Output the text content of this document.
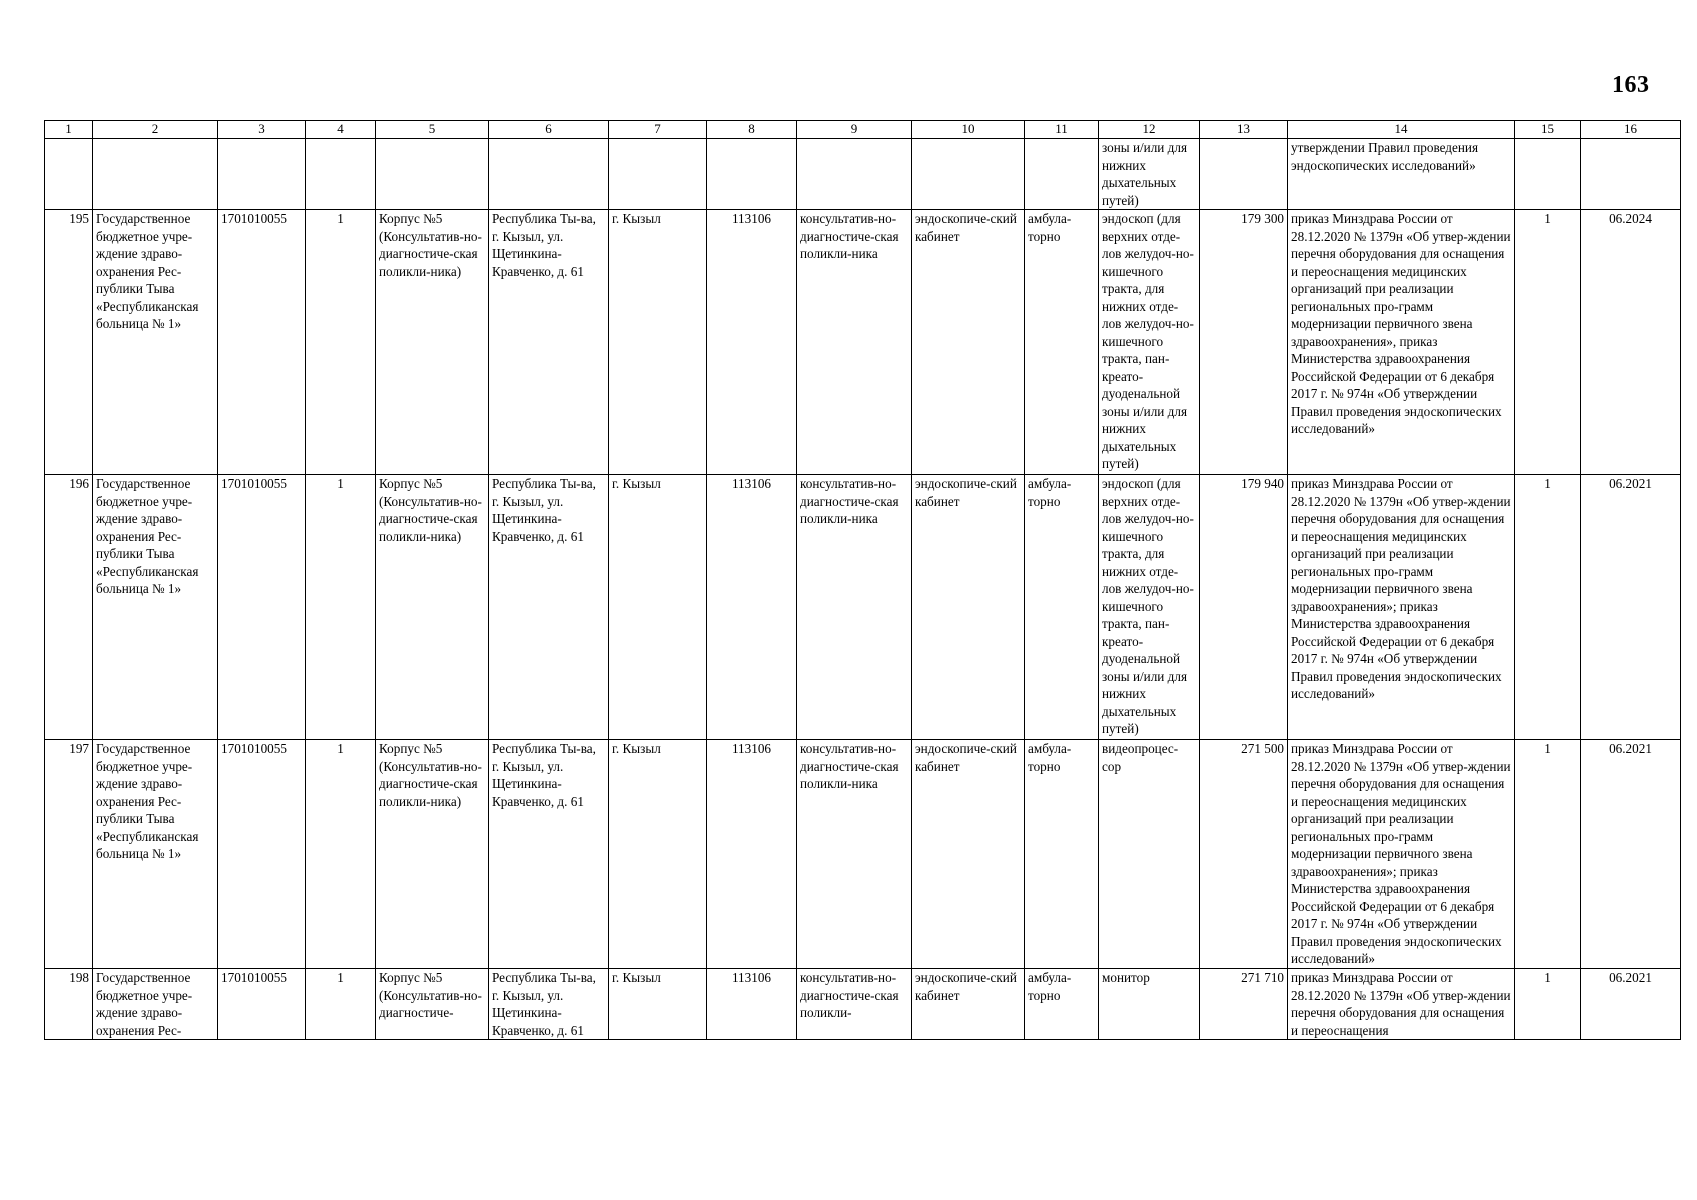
163
1	2	3	4	5	6	7	8	9	10	11	12	13	14	15	16
											зоны и/или для нижних дыхательных путей)		утверждении Правил проведения эндоскопических исследований»		
195	Государственное бюджетное учре-ждение здраво-охранения Рес-публики Тыва «Республиканская больница № 1»	1701010055	1	Корпус №5 (Консультатив-но-диагностиче-ская поликли-ника)	Республика Ты-ва, г. Кызыл, ул. Щетинкина-Кравченко, д. 61	г. Кызыл	113106	консультатив-но-диагностиче-ская поликли-ника	эндоскопиче-ский кабинет	амбула-торно	эндоскоп (для верхних отде-лов желудоч-но-кишечного тракта, для нижних отде-лов желудоч-но-кишечного тракта, пан-креато-дуоденальной зоны и/или для нижних дыхательных путей)	179 300	приказ Минздрава России от 28.12.2020 № 1379н «Об утвер-ждении перечня оборудования для оснащения и переоснащения медицинских организаций при реализации региональных про-грамм модернизации первичного звена здравоохранения», приказ Министерства здравоохранения Российской Федерации от 6 декабря 2017 г. № 974н «Об утверждении Правил проведения эндоскопических исследований»	1	06.2024
196	Государственное бюджетное учре-ждение здраво-охранения Рес-публики Тыва «Республиканская больница № 1»	1701010055	1	Корпус №5 (Консультатив-но-диагностиче-ская поликли-ника)	Республика Ты-ва, г. Кызыл, ул. Щетинкина-Кравченко, д. 61	г. Кызыл	113106	консультатив-но-диагностиче-ская поликли-ника	эндоскопиче-ский кабинет	амбула-торно	эндоскоп (для верхних отде-лов желудоч-но-кишечного тракта, для нижних отде-лов желудоч-но-кишечного тракта, пан-креато-дуоденальной зоны и/или для нижних дыхательных путей)	179 940	приказ Минздрава России от 28.12.2020 № 1379н «Об утвер-ждении перечня оборудования для оснащения и переоснащения медицинских организаций при реализации региональных про-грамм модернизации первичного звена здравоохранения»; приказ Министерства здравоохранения Российской Федерации от 6 декабря 2017 г. № 974н «Об утверждении Правил проведения эндоскопических исследований»	1	06.2021
197	Государственное бюджетное учре-ждение здраво-охранения Рес-публики Тыва «Республиканская больница № 1»	1701010055	1	Корпус №5 (Консультатив-но-диагностиче-ская поликли-ника)	Республика Ты-ва, г. Кызыл, ул. Щетинкина-Кравченко, д. 61	г. Кызыл	113106	консультатив-но-диагностиче-ская поликли-ника	эндоскопиче-ский кабинет	амбула-торно	видеопроцес-сор	271 500	приказ Минздрава России от 28.12.2020 № 1379н «Об утвер-ждении перечня оборудования для оснащения и переоснащения медицинских организаций при реализации региональных про-грамм модернизации первичного звена здравоохранения»; приказ Министерства здравоохранения Российской Федерации от 6 декабря 2017 г. № 974н «Об утверждении Правил проведения эндоскопических исследований»	1	06.2021
198	Государственное бюджетное учре-ждение здраво-охранения Рес-	1701010055	1	Корпус №5 (Консультатив-но-диагностиче-	Республика Ты-ва, г. Кызыл, ул. Щетинкина-Кравченко, д. 61	г. Кызыл	113106	консультатив-но-диагностиче-ская поликли-	эндоскопиче-ский кабинет	амбула-торно	монитор	271 710	приказ Минздрава России от 28.12.2020 № 1379н «Об утвер-ждении перечня оборудования для оснащения и переоснащения	1	06.2021
